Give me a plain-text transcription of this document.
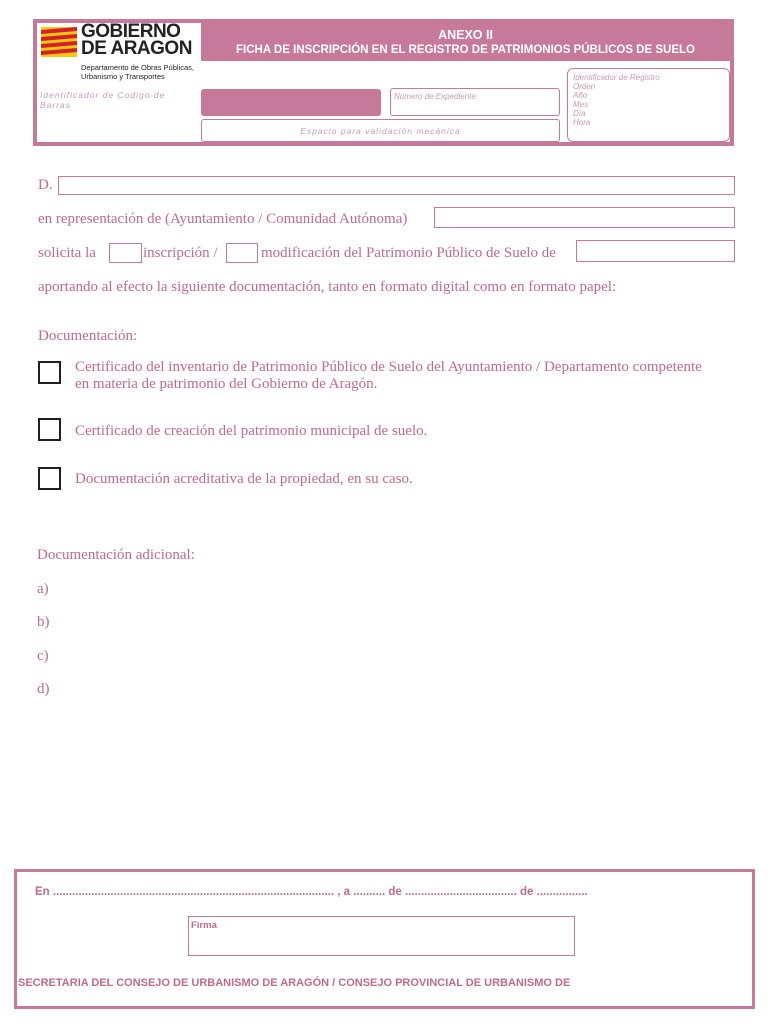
GOBIERNO
DE ARAGON
Departamento de Obras Públicas,
Urbanismo y Transportes
ANEXO II
FICHA DE INSCRIPCIÓN EN EL REGISTRO DE PATRIMONIOS PÚBLICOS DE SUELO
Identificador de Codigo de
Barras
Número de Expediente
Espacio para validación mecánica
Identificador de Registro
Orden
Año
Mes
Día
Hora
D.
en representación de (Ayuntamiento / Comunidad Autónoma)
solicita la	inscripción /	modificación del Patrimonio Público de Suelo de
aportando al efecto la siguiente documentación, tanto en formato digital como en formato papel:
Documentación:
Certificado del inventario de Patrimonio Público de Suelo del Ayuntamiento / Departamento competente
en materia de patrimonio del Gobierno de Aragón.
Certificado de creación del patrimonio municipal de suelo.
Documentación acreditativa de la propiedad, en su caso.
Documentación adicional:
a)
b)
c)
d)
En ........................................................................................ , a .......... de ................................... de ................
Firma
SECRETARIA DEL CONSEJO DE URBANISMO DE ARAGÓN / CONSEJO PROVINCIAL DE URBANISMO DE
